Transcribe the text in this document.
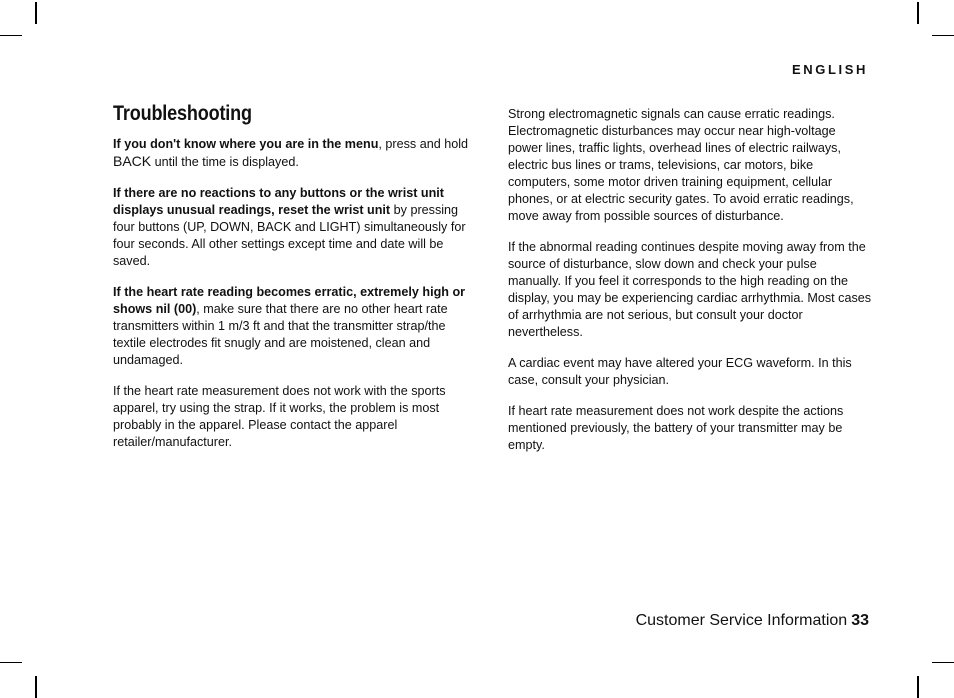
ENGLISH
Troubleshooting

If you don't know where you are in the menu, press and hold BACK until the time is displayed.

If there are no reactions to any buttons or the wrist unit displays unusual readings, reset the wrist unit by pressing four buttons (UP, DOWN, BACK and LIGHT) simultaneously for four seconds. All other settings except time and date will be saved.

If the heart rate reading becomes erratic, extremely high or shows nil (00), make sure that there are no other heart rate transmitters within 1 m/3 ft and that the transmitter strap/the textile electrodes fit snugly and are moistened, clean and undamaged.

If the heart rate measurement does not work with the sports apparel, try using the strap. If it works, the problem is most probably in the apparel. Please contact the apparel retailer/manufacturer.

Strong electromagnetic signals can cause erratic readings. Electromagnetic disturbances may occur near high-voltage power lines, traffic lights, overhead lines of electric railways, electric bus lines or trams, televisions, car motors, bike computers, some motor driven training equipment, cellular phones, or at electric security gates. To avoid erratic readings, move away from possible sources of disturbance.

If the abnormal reading continues despite moving away from the source of disturbance, slow down and check your pulse manually. If you feel it corresponds to the high reading on the display, you may be experiencing cardiac arrhythmia. Most cases of arrhythmia are not serious, but consult your doctor nevertheless.

A cardiac event may have altered your ECG waveform. In this case, consult your physician.

If heart rate measurement does not work despite the actions mentioned previously, the battery of your transmitter may be empty.

Customer Service Information 33
